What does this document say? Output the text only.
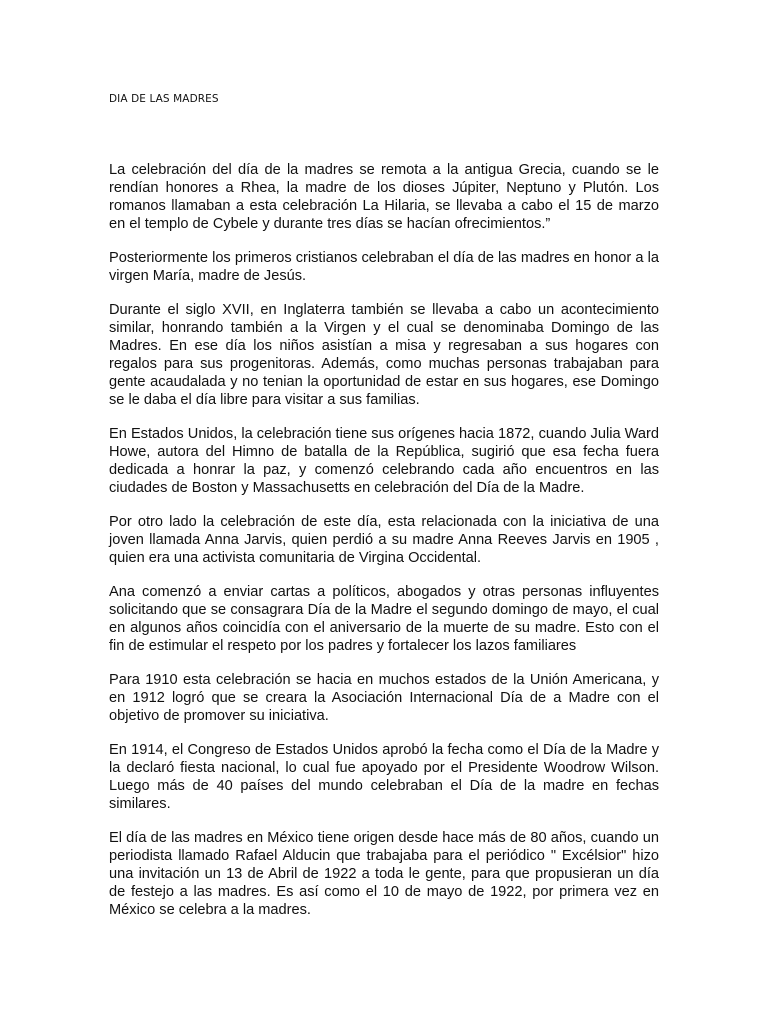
DIA DE LAS MADRES

La celebración del día de la madres se remota a la antigua Grecia, cuando se le rendían honores a Rhea, la madre de los dioses Júpiter, Neptuno y Plutón. Los romanos llamaban a esta celebración La Hilaria, se llevaba a cabo el 15 de marzo en el templo de Cybele y durante tres días se hacían ofrecimientos.”

Posteriormente los primeros cristianos celebraban el día de las madres en honor a la virgen María, madre de Jesús.

Durante el siglo XVII, en Inglaterra también se llevaba a cabo un acontecimiento similar, honrando también a la Virgen y el cual se denominaba Domingo de las Madres. En ese día los niños asistían a misa y regresaban a sus hogares con regalos para sus progenitoras. Además, como muchas personas trabajaban para gente acaudalada y no tenian la oportunidad de estar en sus hogares, ese Domingo se le daba el día libre para visitar a sus familias.

En Estados Unidos, la celebración tiene sus orígenes hacia 1872, cuando Julia Ward Howe, autora del Himno de batalla de la República, sugirió que esa fecha fuera dedicada a honrar la paz, y comenzó celebrando cada año encuentros en las ciudades de Boston y Massachusetts en celebración del Día de la Madre.

Por otro lado la celebración de este día, esta relacionada con la iniciativa de una joven llamada Anna Jarvis, quien perdió a su madre Anna Reeves Jarvis en 1905 , quien era una activista comunitaria de Virgina Occidental.

Ana comenzó a enviar cartas a políticos, abogados y otras personas influyentes solicitando que se consagrara Día de la Madre el segundo domingo de mayo, el cual en algunos años coincidía con el aniversario de la muerte de su madre. Esto con el fin de estimular el respeto por los padres y fortalecer los lazos familiares

Para 1910 esta celebración se hacia en muchos estados de la Unión Americana, y en 1912 logró que se creara la Asociación Internacional Día de a Madre con el objetivo de promover su iniciativa.

En 1914, el Congreso de Estados Unidos aprobó la fecha como el Día de la Madre y la declaró fiesta nacional, lo cual fue apoyado por el Presidente Woodrow Wilson. Luego más de 40 países del mundo celebraban el Día de la madre en fechas similares.

El día de las madres en México tiene origen desde hace más de 80 años, cuando un periodista llamado Rafael Alducin que trabajaba para el periódico " Excélsior" hizo una invitación un 13 de Abril de 1922 a toda le gente, para que propusieran un día de festejo a las madres. Es así como el 10 de mayo de 1922, por primera vez en México se celebra a la madres.
